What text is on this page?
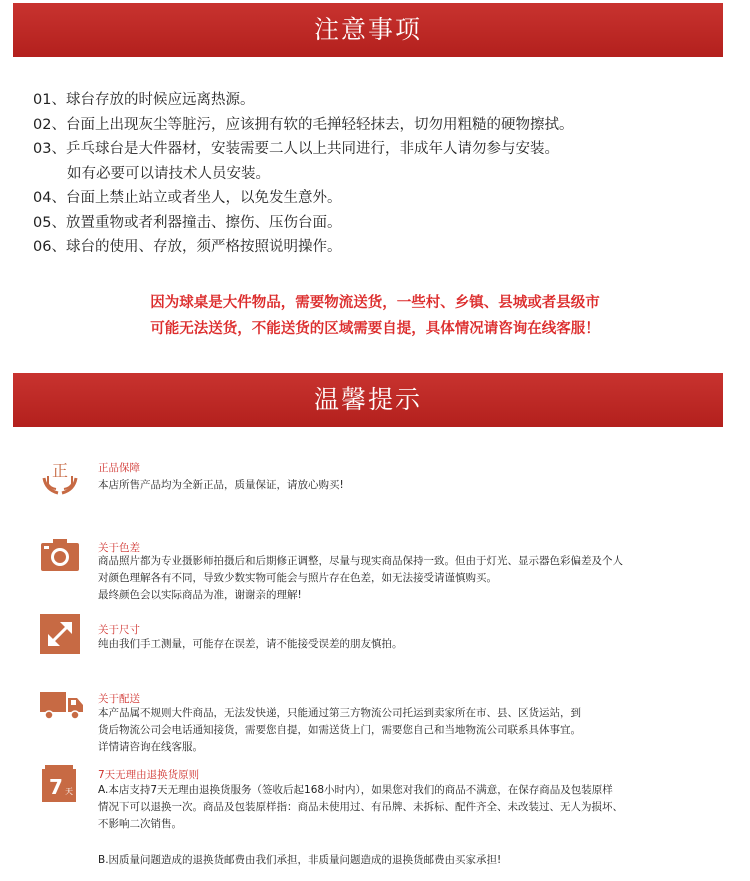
注意事项
01、球台存放的时候应远离热源。
02、台面上出现灰尘等脏污，应该拥有软的毛掸轻轻抹去，切勿用粗糙的硬物擦拭。
03、乒乓球台是大件器材，安装需要二人以上共同进行，非成年人请勿参与安装。
如有必要可以请技术人员安装。
04、台面上禁止站立或者坐人，以免发生意外。
05、放置重物或者利器撞击、擦伤、压伤台面。
06、球台的使用、存放，须严格按照说明操作。
因为球桌是大件物品，需要物流送货，一些村、乡镇、县城或者县级市
可能无法送货，不能送货的区域需要自提，具体情况请咨询在线客服！
温馨提示
正	正品保障
本店所售产品均为全新正品，质量保证，请放心购买!
关于色差
商品照片都为专业摄影师拍摄后和后期修正调整，尽量与现实商品保持一致。但由于灯光、显示器色彩偏差及个人
对颜色理解各有不同，导致少数实物可能会与照片存在色差，如无法接受请谨慎购买。
最终颜色会以实际商品为准，谢谢亲的理解!
关于尺寸
纯由我们手工测量，可能存在误差，请不能接受误差的朋友慎拍。
关于配送
本产品属不规则大件商品，无法发快递，只能通过第三方物流公司托运到卖家所在市、县、区货运站，到
货后物流公司会电话通知接货，需要您自提，如需送货上门，需要您自己和当地物流公司联系具体事宜。
详情请咨询在线客服。
7 天
7天无理由退换货原则
A.本店支持7天无理由退换货服务（签收后起168小时内），如果您对我们的商品不满意，在保存商品及包装原样
情况下可以退换一次。商品及包装原样指：商品未使用过、有吊牌、未拆标、配件齐全、未改装过、无人为损坏、
不影响二次销售。
B.因质量问题造成的退换货邮费由我们承担，非质量问题造成的退换货邮费由买家承担!
